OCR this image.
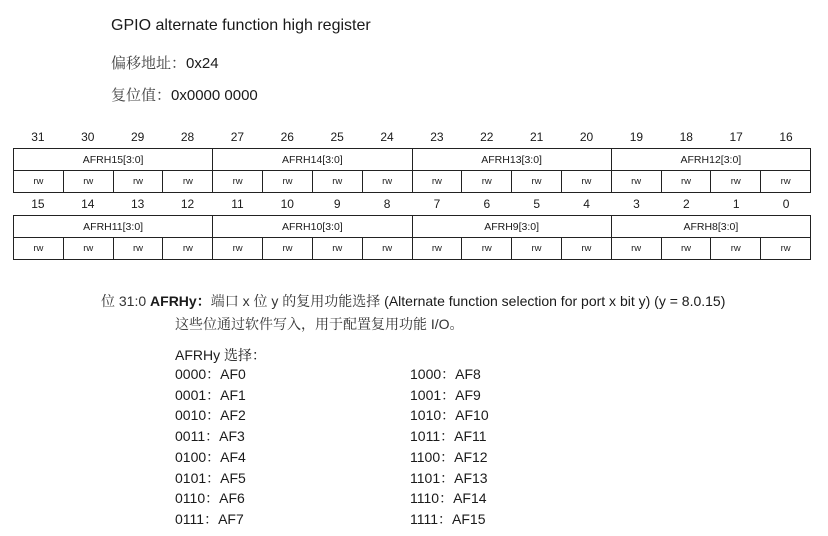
GPIO alternate function high register
偏移地址：0x24
复位值：0x0000 0000
31	30	29	28	27	26	25	24	23	22	21	20	19	18	17	16
AFRH15[3:0]				AFRH14[3:0]				AFRH13[3:0]				AFRH12[3:0]			
rw	rw	rw	rw	rw	rw	rw	rw	rw	rw	rw	rw	rw	rw	rw	rw
15	14	13	12	11	10	9	8	7	6	5	4	3	2	1	0
AFRH11[3:0]				AFRH10[3:0]				AFRH9[3:0]				AFRH8[3:0]			
rw	rw	rw	rw	rw	rw	rw	rw	rw	rw	rw	rw	rw	rw	rw	rw
位 31:0 AFRHy：端口 x 位 y 的复用功能选择 (Alternate function selection for port x bit y) (y = 8.0.15)
这些位通过软件写入，用于配置复用功能 I/O。
AFRHy 选择：
0000：AF0
0001：AF1
0010：AF2
0011：AF3
0100：AF4
0101：AF5
0110：AF6
0111：AF7
1000：AF8
1001：AF9
1010：AF10
1011：AF11
1100：AF12
1101：AF13
1110：AF14
1111：AF15
